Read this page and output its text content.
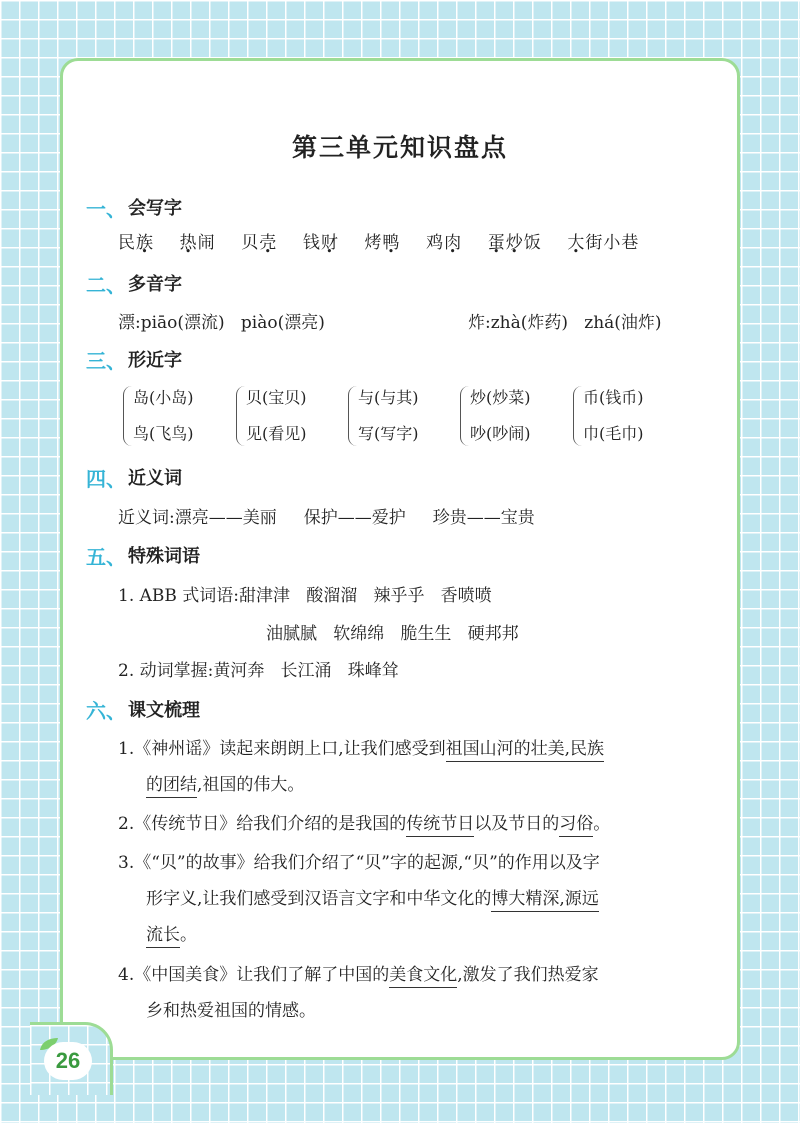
第三单元知识盘点
一、 会写字
民族 热闹 贝壳 钱财 烤鸭 鸡肉 蛋炒饭 大街小巷
二、 多音字
漂:piāo(漂流)   piào(漂亮)	炸:zhà(炸药)   zhá(油炸)
三、 形近字
岛(小岛)
鸟(飞鸟)
贝(宝贝)
见(看见)
与(与其)
写(写字)
炒(炒菜)
吵(吵闹)
币(钱币)
巾(毛巾)
四、 近义词
近义词:漂亮——美丽     保护——爱护     珍贵——宝贵
五、 特殊词语
1. ABB 式词语:甜津津   酸溜溜   辣乎乎   香喷喷
油腻腻   软绵绵   脆生生   硬邦邦
2. 动词掌握:黄河奔   长江涌   珠峰耸
六、 课文梳理
1.《神州谣》读起来朗朗上口,让我们感受到祖国山河的壮美,民族
的团结,祖国的伟大。
2.《传统节日》给我们介绍的是我国的传统节日以及节日的习俗。
3.《“贝”的故事》给我们介绍了“贝”字的起源,“贝”的作用以及字
形字义,让我们感受到汉语言文字和中华文化的博大精深,源远
流长。
4.《中国美食》让我们了解了中国的美食文化,激发了我们热爱家
乡和热爱祖国的情感。
26
